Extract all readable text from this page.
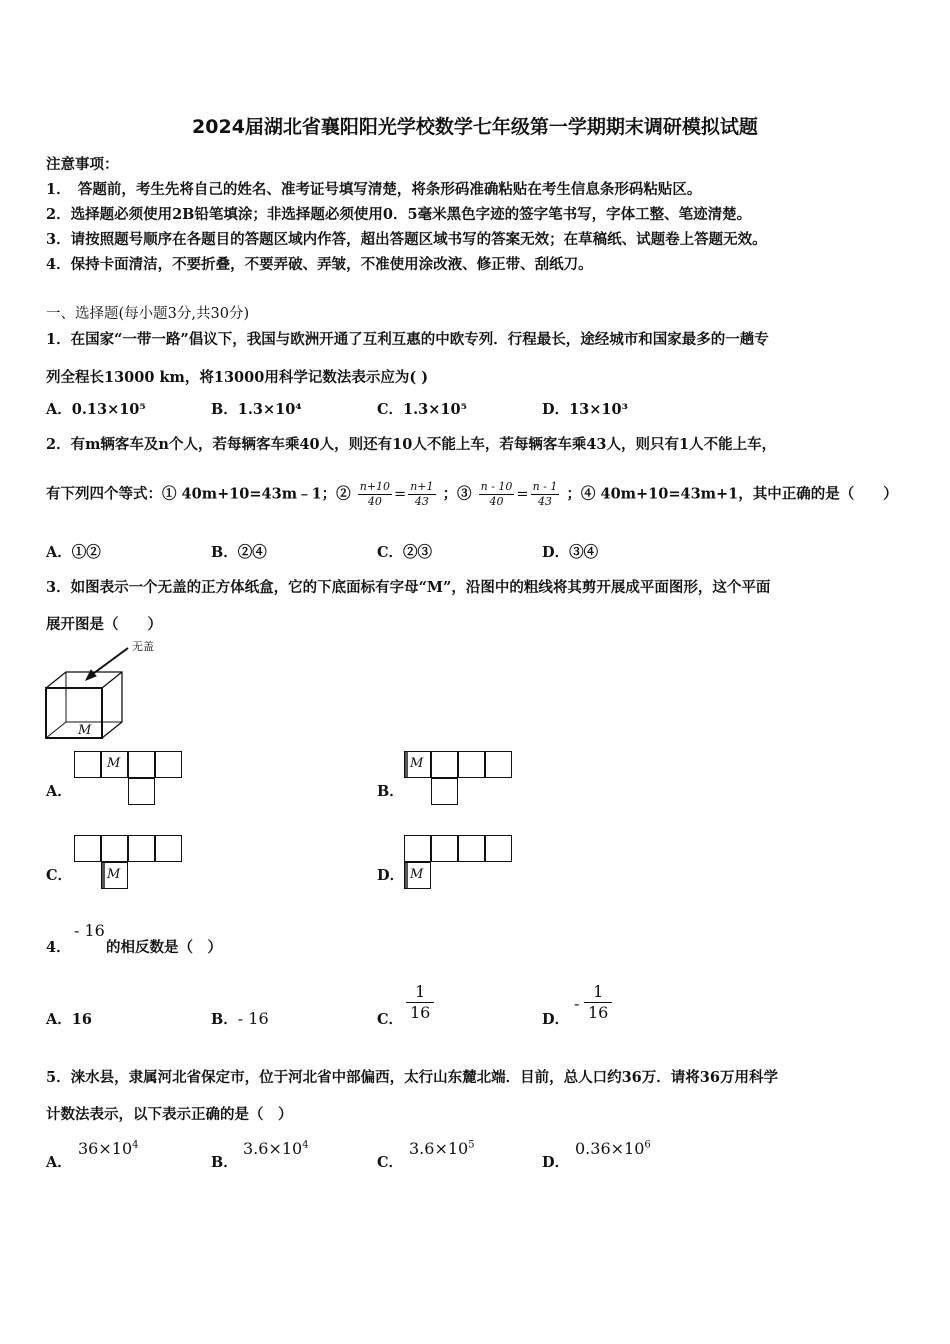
2024届湖北省襄阳阳光学校数学七年级第一学期期末调研模拟试题
注意事项：
1．　答题前，考生先将自己的姓名、准考证号填写清楚，将条形码准确粘贴在考生信息条形码粘贴区。
2．选择题必须使用2B铅笔填涂；非选择题必须使用0．5毫米黑色字迹的签字笔书写，字体工整、笔迹清楚。
3．请按照题号顺序在各题目的答题区域内作答，超出答题区域书写的答案无效；在草稿纸、试题卷上答题无效。
4．保持卡面清洁，不要折叠，不要弄破、弄皱，不准使用涂改液、修正带、刮纸刀。
一、选择题(每小题3分,共30分)
1．在国家“一带一路”倡议下，我国与欧洲开通了互利互惠的中欧专列．行程最长，途经城市和国家最多的一趟专
列全程长13000 km，将13000用科学记数法表示应为( )
A．0.13×10⁵	B．1.3×10⁴	C．1.3×10⁵	D．13×10³
2．有m辆客车及n个人，若每辆客车乘40人，则还有10人不能上车，若每辆客车乘43人，则只有1人不能上车，
有下列四个等式：① 40m+10=43m﹣1；② $\frac{n+10}{40} = \frac{n+1}{43}$ ；③ $\frac{n - 10}{40} = \frac{n - 1}{43}$ ；④ 40m+10=43m+1，其中正确的是（　　）
A．①②	B．②④	C．②③	D．③④
3．如图表示一个无盖的正方体纸盒，它的下底面标有字母“M”，沿图中的粗线将其剪开展成平面图形，这个平面
展开图是（　　）
无盖
M
A．
M
B．
M
C．	M	D． M
4．
- 16
的相反数是（　）
A．16	B．- 16	C． $\frac{1}{16}$	D．
- $\frac{1}{16}$
5．涞水县，隶属河北省保定市，位于河北省中部偏西，太行山东麓北端．目前，总人口约36万．请将36万用科学
计数法表示，以下表示正确的是（　）
A．
$36\times 10^4$
B．
$3.6\times 10^4$
C．
$3.6\times 10^5$
D．
$0.36\times 10^6$
